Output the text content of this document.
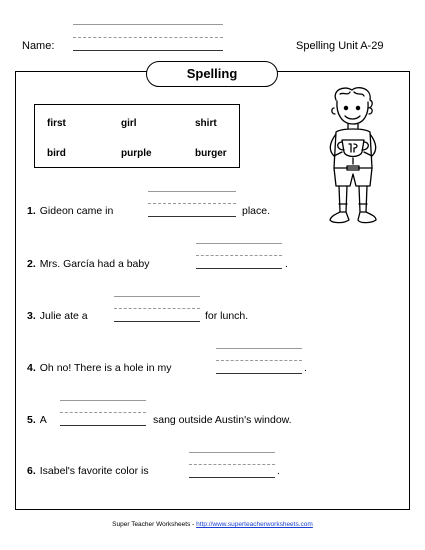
Name:	Spelling Unit A-29
Spelling
first	girl	shirt
bird	purple	burger
1. Gideon came in	place.
2. Mrs. García had a baby	.
3. Julie ate a	for lunch.
4. Oh no! There is a hole in my	.
5. A	sang outside Austin's window.
6. Isabel's favorite color is	.
Super Teacher Worksheets - http://www.superteacherworksheets.com
